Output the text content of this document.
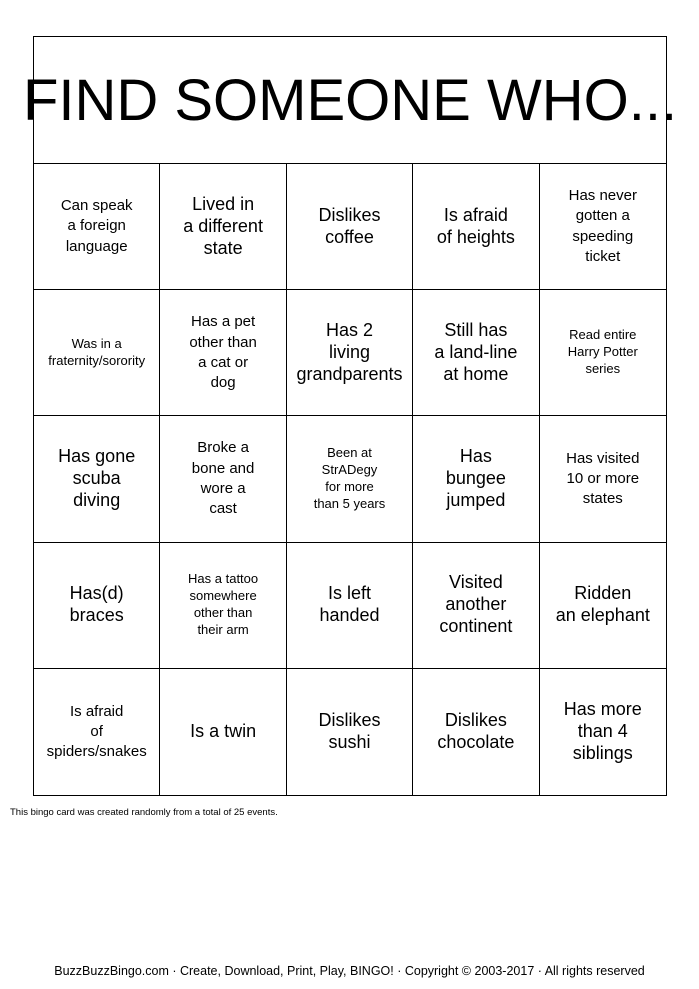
FIND SOMEONE WHO...
Can speak
a foreign
language
Lived in
a different
state
Dislikes
coffee
Is afraid
of heights
Has never
gotten a
speeding
ticket
Was in a
fraternity/sorority
Has a pet
other than
a cat or
dog
Has 2
living
grandparents
Still has
a land-line
at home
Read entire
Harry Potter
series
Has gone
scuba
diving
Broke a
bone and
wore a
cast
Been at
StrADegy
for more
than 5 years
Has
bungee
jumped
Has visited
10 or more
states
Has(d)
braces
Has a tattoo
somewhere
other than
their arm
Is left
handed
Visited
another
continent
Ridden
an elephant
Is afraid
of
spiders/snakes
Is a twin
Dislikes
sushi
Dislikes
chocolate
Has more
than 4
siblings
This bingo card was created randomly from a total of 25 events.
BuzzBuzzBingo.com · Create, Download, Print, Play, BINGO! · Copyright © 2003-2017 · All rights reserved
